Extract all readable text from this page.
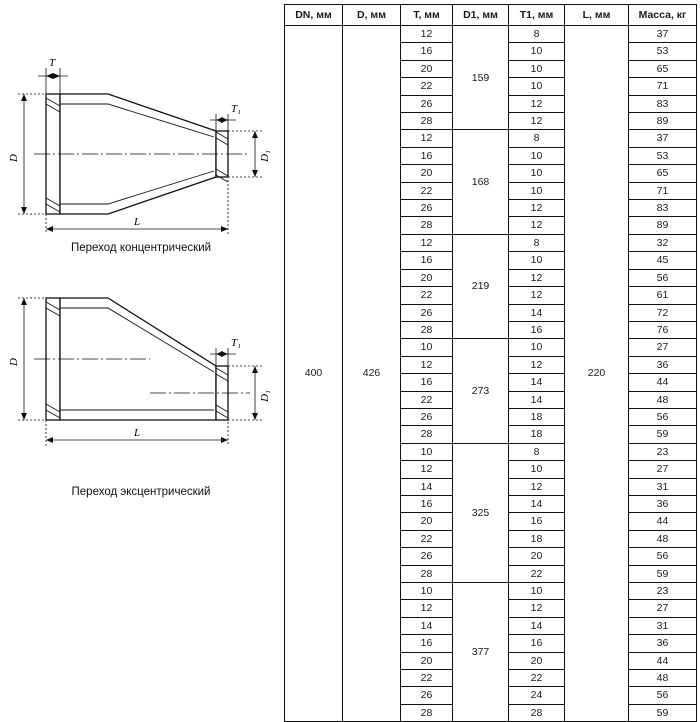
D	D₁
T
T₁
L
Переход концентрический
D
D₁
T₁
L
Переход эксцентрический
DN, мм	D, мм	T, мм	D1, мм	T1, мм	L, мм	Масса, кг
400	426	12	159	8	220	37
		16		10		53
		20		10		65
		22		10		71
		26		12		83
		28		12		89
		12	168	8		37
		16		10		53
		20		10		65
		22		10		71
		26		12		83
		28		12		89
		12	219	8		32
		16		10		45
		20		12		56
		22		12		61
		26		14		72
		28		16		76
		10	273	10		27
		12		12		36
		16		14		44
		22		14		48
		26		18		56
		28		18		59
		10	325	8		23
		12		10		27
		14		12		31
		16		14		36
		20		16		44
		22		18		48
		26		20		56
		28		22		59
		10	377	10		23
		12		12		27
		14		14		31
		16		16		36
		20		20		44
		22		22		48
		26		24		56
		28		28		59
